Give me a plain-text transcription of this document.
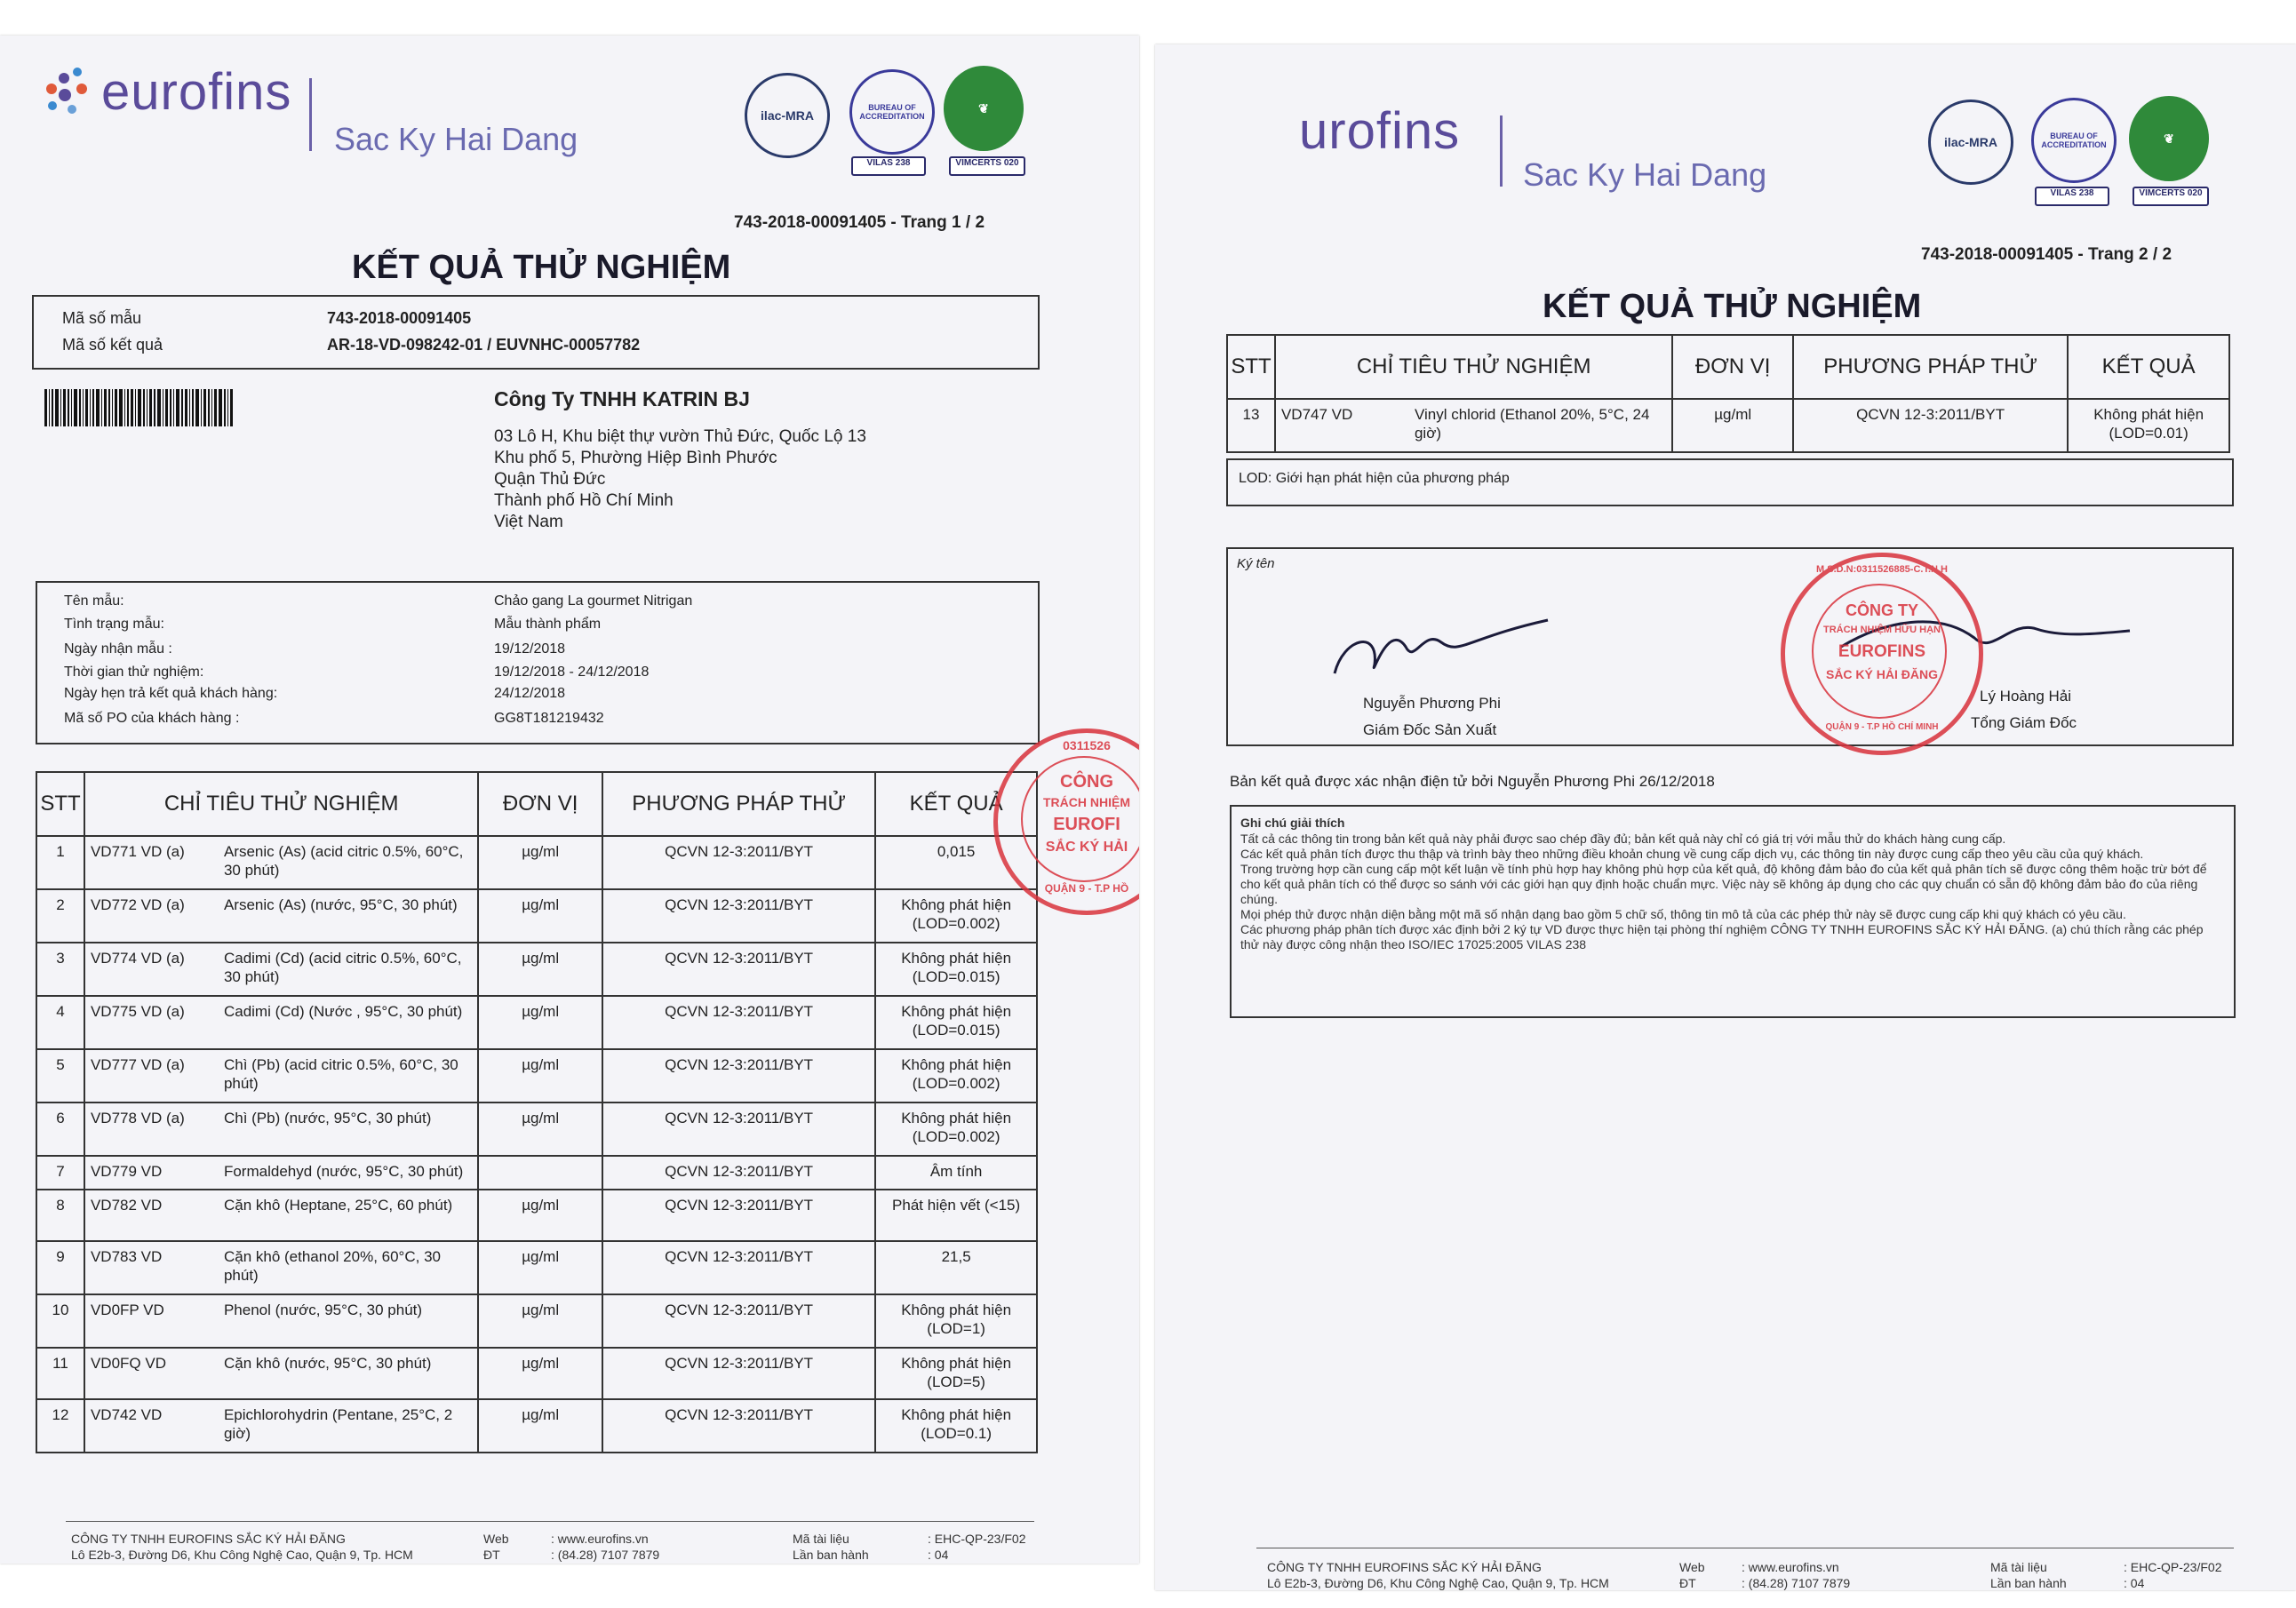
eurofins
Sac Ky Hai Dang
ilac-MRA
BUREAU OF ACCREDITATION
VILAS 238
❦
VIMCERTS 020
743-2018-00091405 - Trang 1 / 2
KẾT QUẢ THỬ NGHIỆM
Mã số mẫu	743-2018-00091405
Mã số kết quả	AR-18-VD-098242-01 / EUVNHC-00057782
Công Ty TNHH KATRIN BJ
03 Lô H, Khu biệt thự vườn Thủ Đức, Quốc Lộ 13
Khu phố 5, Phường Hiệp Bình Phước
Quận Thủ Đức
Thành phố Hồ Chí Minh
Việt Nam
Tên mẫu:	Chảo gang La gourmet Nitrigan
Tình trạng mẫu:	Mẫu thành phẩm
Ngày nhận mẫu :	19/12/2018
Thời gian thử nghiệm:	19/12/2018 - 24/12/2018
Ngày hẹn trả kết quả khách hàng:	24/12/2018
Mã số PO của khách hàng :	GG8T181219432
STT	CHỈ TIÊU THỬ NGHIỆM	ĐƠN VỊ	PHƯƠNG PHÁP THỬ	KẾT QUẢ
1	VD771 VD (a) Arsenic (As) (acid citric 0.5%, 60°C, 30 phút)	µg/ml	QCVN 12-3:2011/BYT	0,015
2	VD772 VD (a) Arsenic (As) (nước, 95°C, 30 phút)	µg/ml	QCVN 12-3:2011/BYT	Không phát hiện (LOD=0.002)
3	VD774 VD (a) Cadimi (Cd) (acid citric 0.5%, 60°C, 30 phút)	µg/ml	QCVN 12-3:2011/BYT	Không phát hiện (LOD=0.015)
4	VD775 VD (a) Cadimi (Cd) (Nước , 95°C, 30 phút)	µg/ml	QCVN 12-3:2011/BYT	Không phát hiện (LOD=0.015)
5	VD777 VD (a) Chì (Pb) (acid citric 0.5%, 60°C, 30 phút)	µg/ml	QCVN 12-3:2011/BYT	Không phát hiện (LOD=0.002)
6	VD778 VD (a) Chì (Pb) (nước, 95°C, 30 phút)	µg/ml	QCVN 12-3:2011/BYT	Không phát hiện (LOD=0.002)
7	VD779 VD Formaldehyd (nước, 95°C, 30 phút)		QCVN 12-3:2011/BYT	Âm tính
8	VD782 VD Cặn khô (Heptane, 25°C, 60 phút)	µg/ml	QCVN 12-3:2011/BYT	Phát hiện vết (<15)
9	VD783 VD Cặn khô (ethanol 20%, 60°C, 30 phút)	µg/ml	QCVN 12-3:2011/BYT	21,5
10	VD0FP VD Phenol (nước, 95°C, 30 phút)	µg/ml	QCVN 12-3:2011/BYT	Không phát hiện (LOD=1)
11	VD0FQ VD Cặn khô (nước, 95°C, 30 phút)	µg/ml	QCVN 12-3:2011/BYT	Không phát hiện (LOD=5)
12	VD742 VD Epichlorohydrin (Pentane, 25°C, 2 giờ)	µg/ml	QCVN 12-3:2011/BYT	Không phát hiện (LOD=0.1)
0311526
CÔNG
TRÁCH NHIỆM
EUROFI
SẮC KÝ HẢI
QUẬN 9 - T.P HỒ
CÔNG TY TNHH EUROFINS SẮC KÝ HẢI ĐĂNG
Lô E2b-3, Đường D6, Khu Công Nghệ Cao, Quận 9, Tp. HCM
Web	: www.eurofins.vn
ĐT	: (84.28) 7107 7879
Mã tài liệu	: EHC-QP-23/F02
Lần ban hành	: 04
urofins
Sac Ky Hai Dang
ilac-MRA	BUREAU OF ACCREDITATION
VILAS 238
❦
VIMCERTS 020
743-2018-00091405 - Trang 2 / 2
KẾT QUẢ THỬ NGHIỆM
STT	CHỈ TIÊU THỬ NGHIỆM	ĐƠN VỊ	PHƯƠNG PHÁP THỬ	KẾT QUẢ
13	VD747 VD Vinyl chlorid (Ethanol 20%, 5°C, 24 giờ)	µg/ml	QCVN 12-3:2011/BYT	Không phát hiện (LOD=0.01)
LOD: Giới hạn phát hiện của phương pháp
Ký tên
Nguyễn Phương Phi
Giám Đốc Sản Xuất
Lý Hoàng Hải
Tổng Giám Đốc
M.S.D.N:0311526885-C.T.N.H
CÔNG TY
TRÁCH NHIỆM HỮU HẠN
EUROFINS
SẮC KÝ HẢI ĐĂNG
QUẬN 9 - T.P HỒ CHÍ MINH
Bản kết quả được xác nhận điện tử bởi Nguyễn Phương Phi 26/12/2018
Ghi chú giải thích
Tất cả các thông tin trong bản kết quả này phải được sao chép đầy đủ; bản kết quả này chỉ có giá trị với mẫu thử do khách hàng cung cấp.
Các kết quả phân tích được thu thập và trình bày theo những điều khoản chung về cung cấp dịch vụ, các thông tin này được cung cấp theo yêu cầu của quý khách.
Trong trường hợp cần cung cấp một kết luận về tính phù hợp hay không phù hợp của kết quả, độ không đảm bảo đo của kết quả phân tích sẽ được công thêm hoặc trừ bớt để cho kết quả phân tích có thể được so sánh với các giới hạn quy định hoặc chuẩn mực. Việc này sẽ không áp dụng cho các quy chuẩn có sẵn độ không đảm bảo đo của riêng chúng.
Mọi phép thử được nhận diện bằng một mã số nhận dạng bao gồm 5 chữ số, thông tin mô tả của các phép thử này sẽ được cung cấp khi quý khách có yêu cầu.
Các phương pháp phân tích được xác định bởi 2 ký tự VD được thực hiện tại phòng thí nghiệm CÔNG TY TNHH EUROFINS SẮC KÝ HẢI ĐĂNG. (a) chú thích rằng các phép thử này được công nhận theo ISO/IEC 17025:2005 VILAS 238
CÔNG TY TNHH EUROFINS SẮC KÝ HẢI ĐĂNG
Lô E2b-3, Đường D6, Khu Công Nghệ Cao, Quận 9, Tp. HCM
Web	: www.eurofins.vn
ĐT	: (84.28) 7107 7879
Mã tài liệu	: EHC-QP-23/F02
Lần ban hành	: 04
